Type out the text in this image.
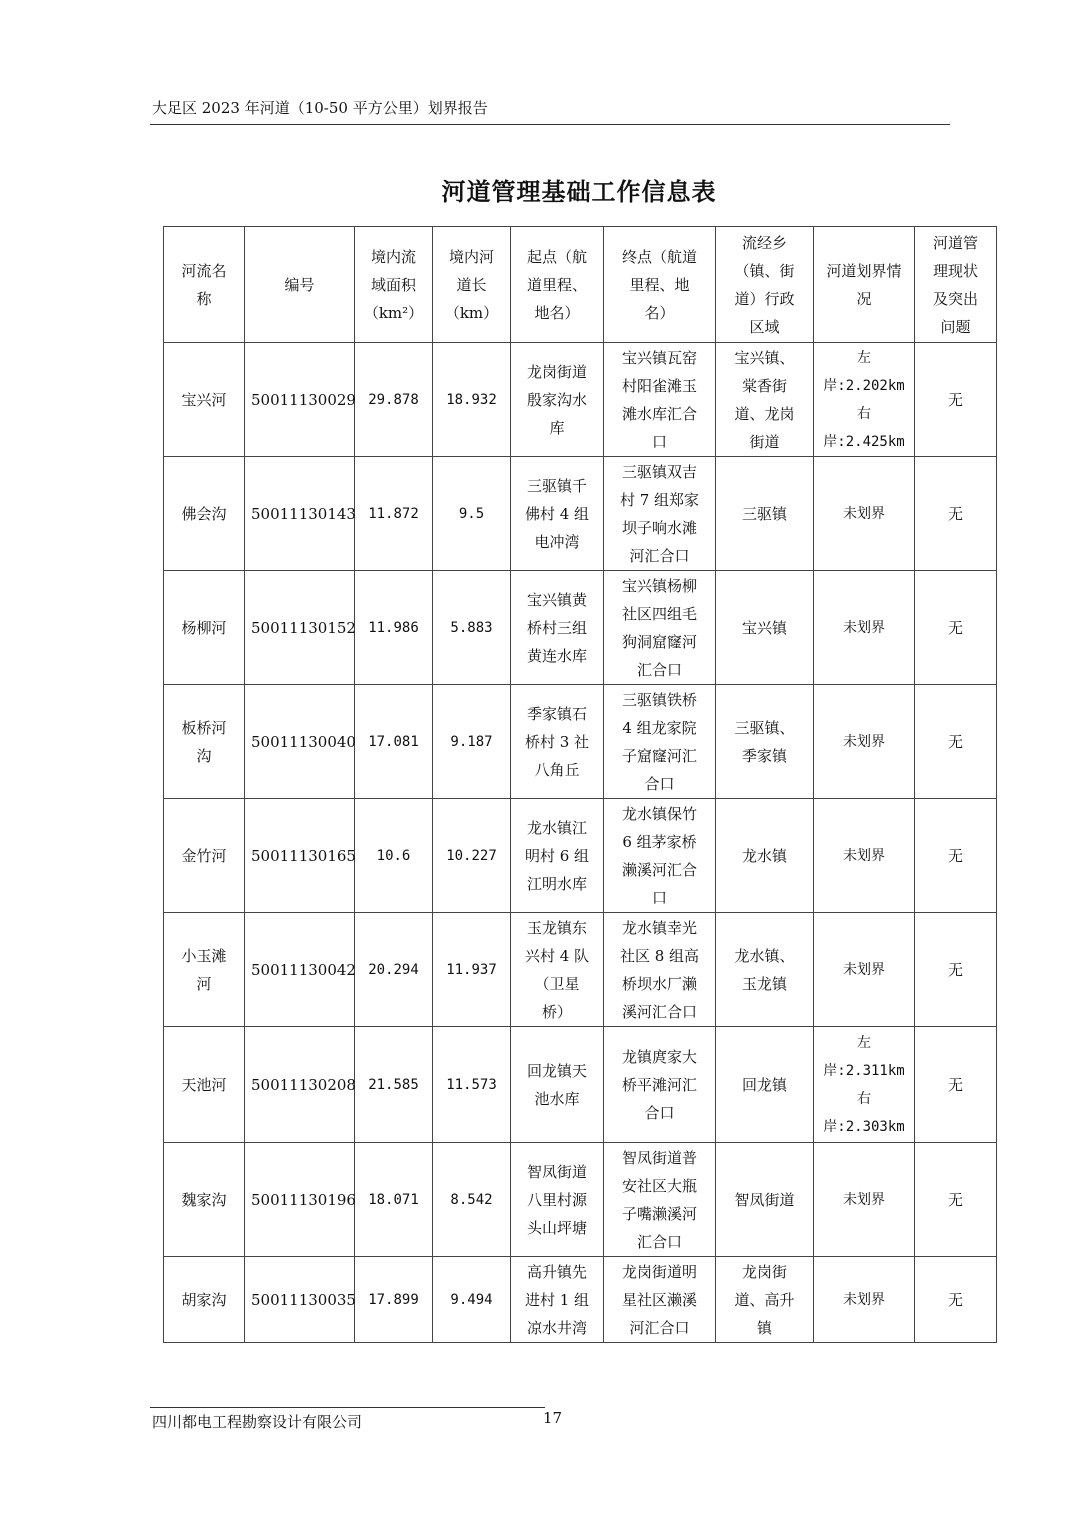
大足区 2023 年河道（10-50 平方公里）划界报告
河道管理基础工作信息表
河流名
称	编号	境内流
域面积
（km²）	境内河
道长
（km）	起点（航
道里程、
地名）	终点（航道
里程、地
名）	流经乡
（镇、街
道）行政
区域	河道划界情
况	河道管
理现状
及突出
问题
宝兴河	50011130029	29.878	18.932	龙岗街道
殷家沟水
库	宝兴镇瓦窑
村阳雀滩玉
滩水库汇合
口	宝兴镇、
棠香街
道、龙岗
街道	左
岸:2.202km
右
岸:2.425km	无
佛会沟	50011130143	11.872	9.5	三驱镇千
佛村 4 组
电冲湾	三驱镇双吉
村 7 组郑家
坝子响水滩
河汇合口	三驱镇	未划界	无
杨柳河	50011130152	11.986	5.883	宝兴镇黄
桥村三组
黄连水库	宝兴镇杨柳
社区四组毛
狗洞窟窿河
汇合口	宝兴镇	未划界	无
板桥河
沟	50011130040	17.081	9.187	季家镇石
桥村 3 社
八角丘	三驱镇铁桥
4 组龙家院
子窟窿河汇
合口	三驱镇、
季家镇	未划界	无
金竹河	50011130165	10.6	10.227	龙水镇江
明村 6 组
江明水库	龙水镇保竹
6 组茅家桥
濑溪河汇合
口	龙水镇	未划界	无
小玉滩
河	50011130042	20.294	11.937	玉龙镇东
兴村 4 队
（卫星
桥）	龙水镇幸光
社区 8 组高
桥坝水厂濑
溪河汇合口	龙水镇、
玉龙镇	未划界	无
天池河	50011130208	21.585	11.573	回龙镇天
池水库	龙镇庹家大
桥平滩河汇
合口	回龙镇	左
岸:2.311km
右
岸:2.303km	无
魏家沟	50011130196	18.071	8.542	智凤街道
八里村源
头山坪塘	智凤街道普
安社区大瓶
子嘴濑溪河
汇合口	智凤街道	未划界	无
胡家沟	50011130035	17.899	9.494	高升镇先
进村 1 组
凉水井湾	龙岗街道明
星社区濑溪
河汇合口	龙岗街
道、高升
镇	未划界	无
四川都电工程勘察设计有限公司	17
